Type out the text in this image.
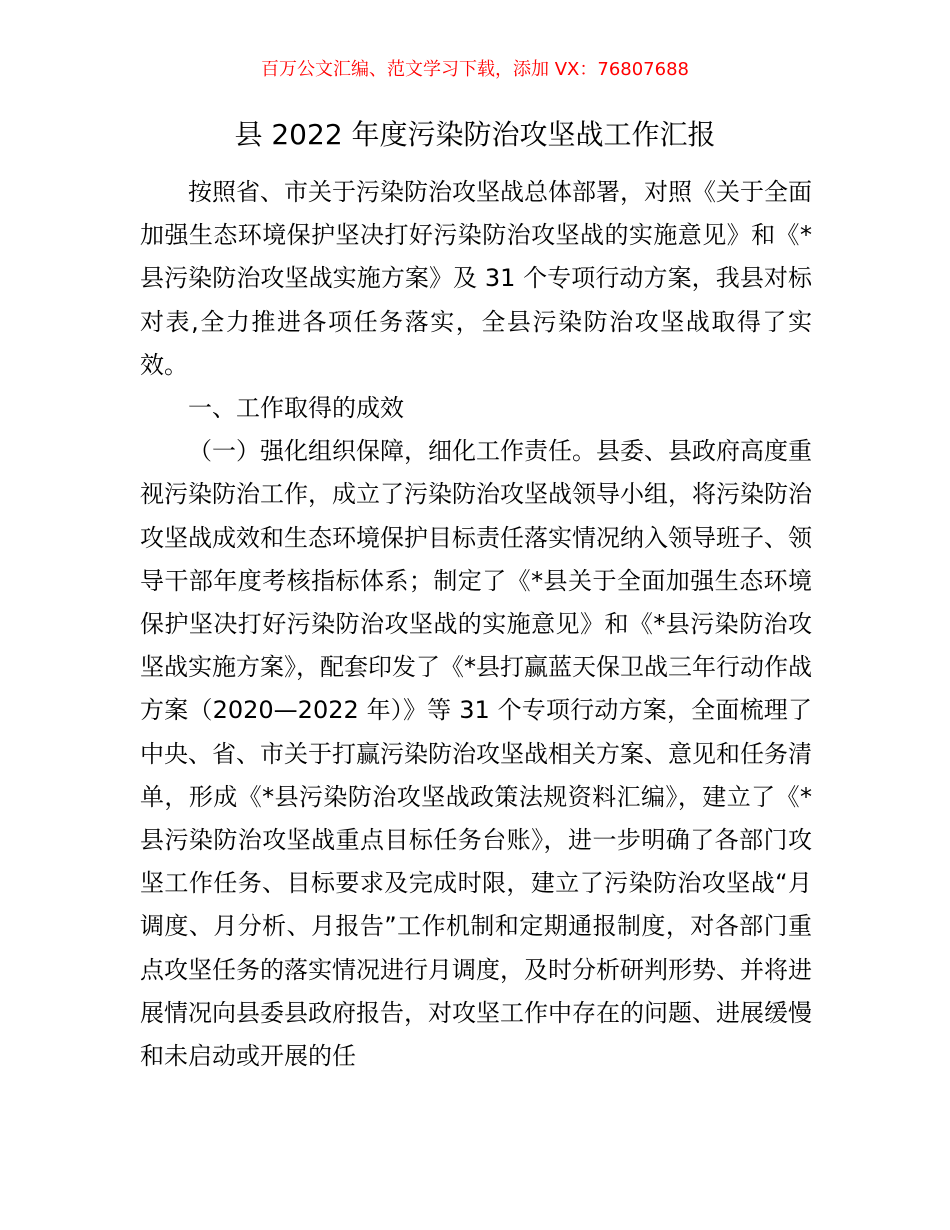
百万公文汇编、范文学习下载，添加 VX：76807688
县 2022 年度污染防治攻坚战工作汇报

按照省、市关于污染防治攻坚战总体部署，对照《关于全面加强生态环境保护坚决打好污染防治攻坚战的实施意见》和《*县污染防治攻坚战实施方案》及 31 个专项行动方案，我县对标对表,全力推进各项任务落实，全县污染防治攻坚战取得了实效。

一、工作取得的成效

（一）强化组织保障，细化工作责任。县委、县政府高度重视污染防治工作，成立了污染防治攻坚战领导小组，将污染防治攻坚战成效和生态环境保护目标责任落实情况纳入领导班子、领导干部年度考核指标体系；制定了《*县关于全面加强生态环境保护坚决打好污染防治攻坚战的实施意见》和《*县污染防治攻坚战实施方案》，配套印发了《*县打赢蓝天保卫战三年行动作战方案（2020—2022 年）》等 31 个专项行动方案，全面梳理了中央、省、市关于打赢污染防治攻坚战相关方案、意见和任务清单，形成《*县污染防治攻坚战政策法规资料汇编》，建立了《*县污染防治攻坚战重点目标任务台账》，进一步明确了各部门攻坚工作任务、目标要求及完成时限，建立了污染防治攻坚战“月调度、月分析、月报告”工作机制和定期通报制度，对各部门重点攻坚任务的落实情况进行月调度，及时分析研判形势、并将进展情况向县委县政府报告，对攻坚工作中存在的问题、进展缓慢和未启动或开展的任
